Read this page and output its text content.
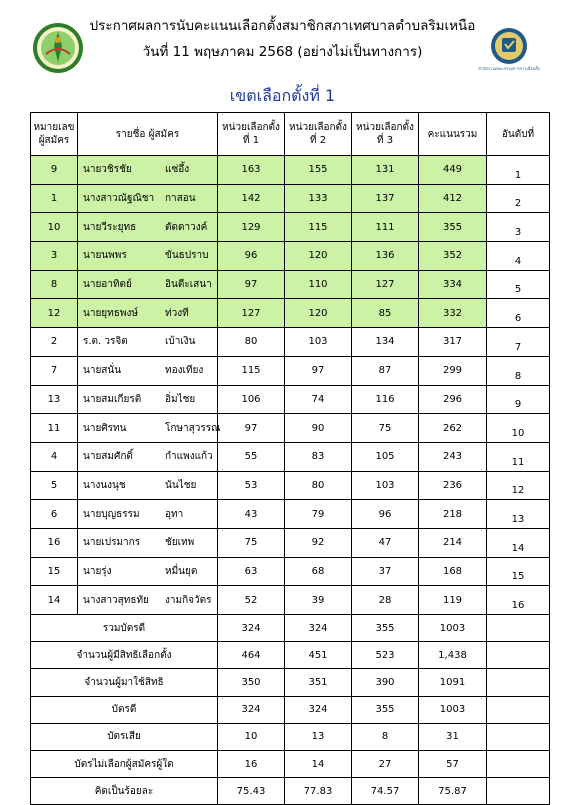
สำนักงานคณะกรรมการการเลือกตั้ง
ประกาศผลการนับคะแนนเลือกตั้งสมาชิกสภาเทศบาลตำบลริมเหนือ
วันที่ 11 พฤษภาคม 2568 (อย่างไม่เป็นทางการ)
เขตเลือกตั้งที่ 1
หมายเลข ผู้สมัคร	รายชื่อ ผู้สมัคร	หน่วยเลือกตั้ง ที่ 1	หน่วยเลือกตั้ง ที่ 2	หน่วยเลือกตั้ง ที่ 3	คะแนนรวม	อันดับที่
9	นายวชิรชัย แซ่อึ้ง	163	155	131	449	1
1	นางสาวณัฐณิชา กาสอน	142	133	137	412	2
10	นายวีระยุทธ ตัดดาวงค์	129	115	111	355	3
3	นายนพพร ขันธปราบ	96	120	136	352	4
8	นายอาทิตย์ อินตีะเสนา	97	110	127	334	5
12	นายยุทธพงษ์ ท่วงที	127	120	85	332	6
2	ร.ต. วรจิต เบ้าเงิน	80	103	134	317	7
7	นายสนั่น ทองเทียง	115	97	87	299	8
13	นายสมเกียรติ อิ่มไชย	106	74	116	296	9
11	นายศิรทน โกษาสุวรรณ	97	90	75	262	10
4	นายสมศักดิ์ กำแพงแก้ว	55	83	105	243	11
5	นางนงนุช นันไชย	53	80	103	236	12
6	นายบุญธรรม อุทา	43	79	96	218	13
16	นายเปรมากร ชัยเทพ	75	92	47	214	14
15	นายรุ่ง หมื่นยุต	63	68	37	168	15
14	นางสาวสุทธทัย งามกิจวัตร	52	39	28	119	16
รวมบัตรดี		324	324	355	1003	
จำนวนผู้มีสิทธิเลือกตั้ง		464	451	523	1,438	
จำนวนผู้มาใช้สิทธิ		350	351	390	1091	
บัตรดี		324	324	355	1003	
บัตรเสีย		10	13	8	31	
บัตรไม่เลือกผู้สมัครผู้ใด		16	14	27	57	
คิดเป็นร้อยละ		75.43	77.83	74.57	75.87	
